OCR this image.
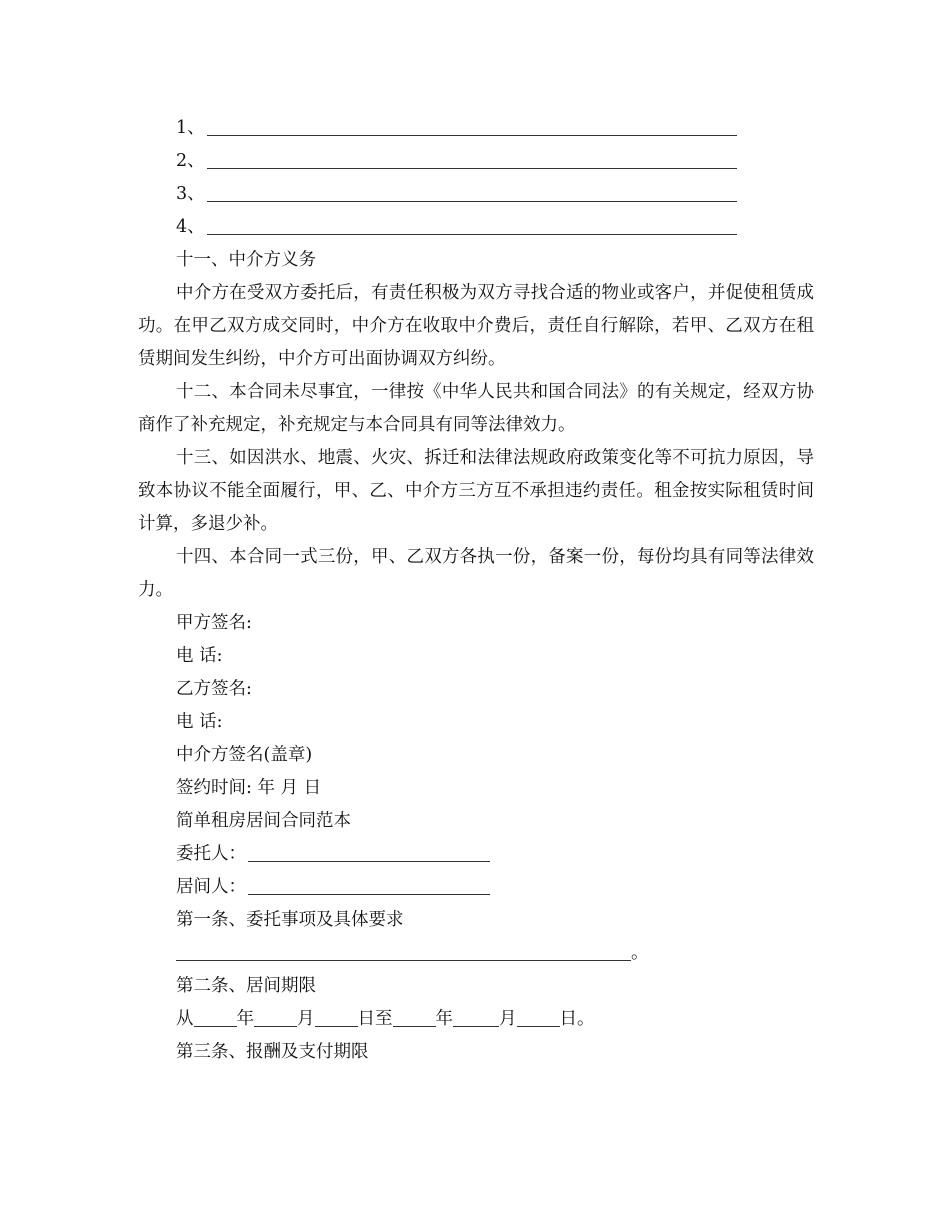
1、
2、
3、
4、
十一、中介方义务

中介方在受双方委托后，有责任积极为双方寻找合适的物业或客户，并促使租赁成功。在甲乙双方成交同时，中介方在收取中介费后，责任自行解除，若甲、乙双方在租赁期间发生纠纷，中介方可出面协调双方纠纷。

十二、本合同未尽事宜，一律按《中华人民共和国合同法》的有关规定，经双方协商作了补充规定，补充规定与本合同具有同等法律效力。

十三、如因洪水、地震、火灾、拆迁和法律法规政府政策变化等不可抗力原因，导致本协议不能全面履行，甲、乙、中介方三方互不承担违约责任。租金按实际租赁时间计算，多退少补。

十四、本合同一式三份，甲、乙双方各执一份，备案一份，每份均具有同等法律效力。

甲方签名:
电 话:
乙方签名:
电 话:
中介方签名(盖章)
签约时间: 年 月 日
简单租房居间合同范本
委托人：
居间人：
第一条、委托事项及具体要求
。
第二条、居间期限
从 年 月 日至 年	月 日。
第三条、报酬及支付期限
